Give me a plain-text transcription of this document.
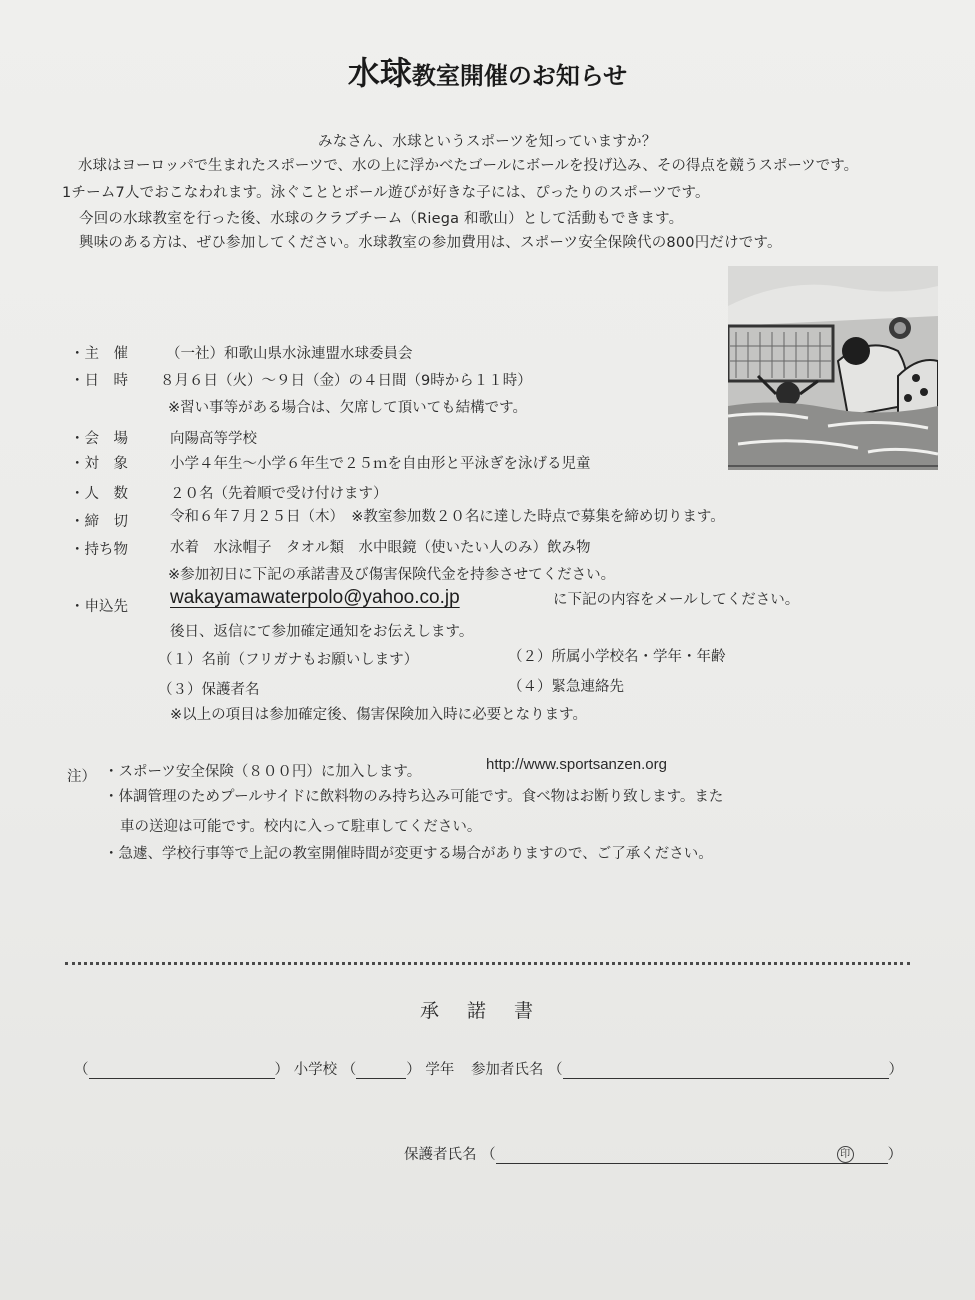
水球教室開催のお知らせ
みなさん、水球というスポーツを知っていますか？
水球はヨーロッパで生まれたスポーツで、水の上に浮かべたゴールにボールを投げ込み、その得点を競うスポーツです。
1チーム7人でおこなわれます。泳ぐこととボール遊びが好きな子には、ぴったりのスポーツです。
今回の水球教室を行った後、水球のクラブチーム（Riega 和歌山）として活動もできます。
興味のある方は、ぜひ参加してください。水球教室の参加費用は、スポーツ安全保険代の800円だけです。
・主　催	（一社）和歌山県水泳連盟水球委員会
・日　時 ８月６日（火）～９日（金）の４日間（9時から１１時）
※習い事等がある場合は、欠席して頂いても結構です。
・会　場	向陽高等学校
・対　象	小学４年生～小学６年生で２５ｍを自由形と平泳ぎを泳げる児童
・人　数	２０名（先着順で受け付けます）
・締　切	令和６年７月２５日（木）　※教室参加数２０名に達した時点で募集を締め切ります。
・持ち物	水着　水泳帽子　タオル類　水中眼鏡（使いたい人のみ）飲み物
※参加初日に下記の承諾書及び傷害保険代金を持参させてください。
・申込先 wakayamawaterpolo@yahoo.co.jp	に下記の内容をメールしてください。
後日、返信にて参加確定通知をお伝えします。
（１）名前（フリガナもお願いします）	（２）所属小学校名・学年・年齢
（３）保護者名	（４）緊急連絡先
※以上の項目は参加確定後、傷害保険加入時に必要となります。
注） ・スポーツ安全保険（８００円）に加入します。	http://www.sportsanzen.org
・体調管理のためプールサイドに飲料物のみ持ち込み可能です。食べ物はお断り致します。また
車の送迎は可能です。校内に入って駐車してください。
・急遽、学校行事等で上記の教室開催時間が変更する場合がありますので、ご了承ください。
承諾書
（	） 小学校 （	） 学年 参加者氏名 （	）
保護者氏名 （	印	）
